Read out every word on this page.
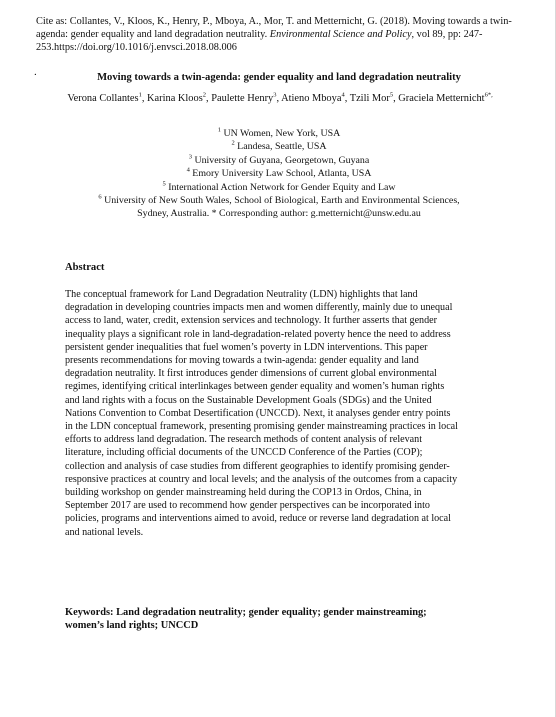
Cite as: Collantes, V., Kloos, K., Henry, P., Mboya, A., Mor, T. and Metternicht, G. (2018). Moving towards a twin-agenda: gender equality and land degradation neutrality. Environmental Science and Policy, vol 89, pp: 247-253.https://doi.org/10.1016/j.envsci.2018.08.006
.	Moving towards a twin-agenda: gender equality and land degradation neutrality
Verona Collantes$^1$, Karina Kloos$^2$, Paulette Henry$^3$, Atieno Mboya$^4$, Tzili Mor$^5$, Graciela Metternicht$^{6*,}$
$^1$ UN Women, New York, USA
$^2$ Landesa, Seattle, USA
$^3$ University of Guyana, Georgetown, Guyana
$^4$ Emory University Law School, Atlanta, USA
$^5$ International Action Network for Gender Equity and Law
$^6$ University of New South Wales, School of Biological, Earth and Environmental Sciences,
Sydney, Australia. * Corresponding author: g.metternicht@unsw.edu.au
Abstract
The conceptual framework for Land Degradation Neutrality (LDN) highlights that land
degradation in developing countries impacts men and women differently, mainly due to unequal
access to land, water, credit, extension services and technology. It further asserts that gender
inequality plays a significant role in land-degradation-related poverty hence the need to address
persistent gender inequalities that fuel women’s poverty in LDN interventions. This paper
presents recommendations for moving towards a twin-agenda: gender equality and land
degradation neutrality. It first introduces gender dimensions of current global environmental
regimes, identifying critical interlinkages between gender equality and women’s human rights
and land rights with a focus on the Sustainable Development Goals (SDGs) and the United
Nations Convention to Combat Desertification (UNCCD). Next, it analyses gender entry points
in the LDN conceptual framework, presenting promising gender mainstreaming practices in local
efforts to address land degradation. The research methods of content analysis of relevant
literature, including official documents of the UNCCD Conference of the Parties (COP);
collection and analysis of case studies from different geographies to identify promising gender-
responsive practices at country and local levels; and the analysis of the outcomes from a capacity
building workshop on gender mainstreaming held during the COP13 in Ordos, China, in
September 2017 are used to recommend how gender perspectives can be incorporated into
policies, programs and interventions aimed to avoid, reduce or reverse land degradation at local
and national levels.
Keywords: Land degradation neutrality; gender equality; gender mainstreaming;
women’s land rights; UNCCD
